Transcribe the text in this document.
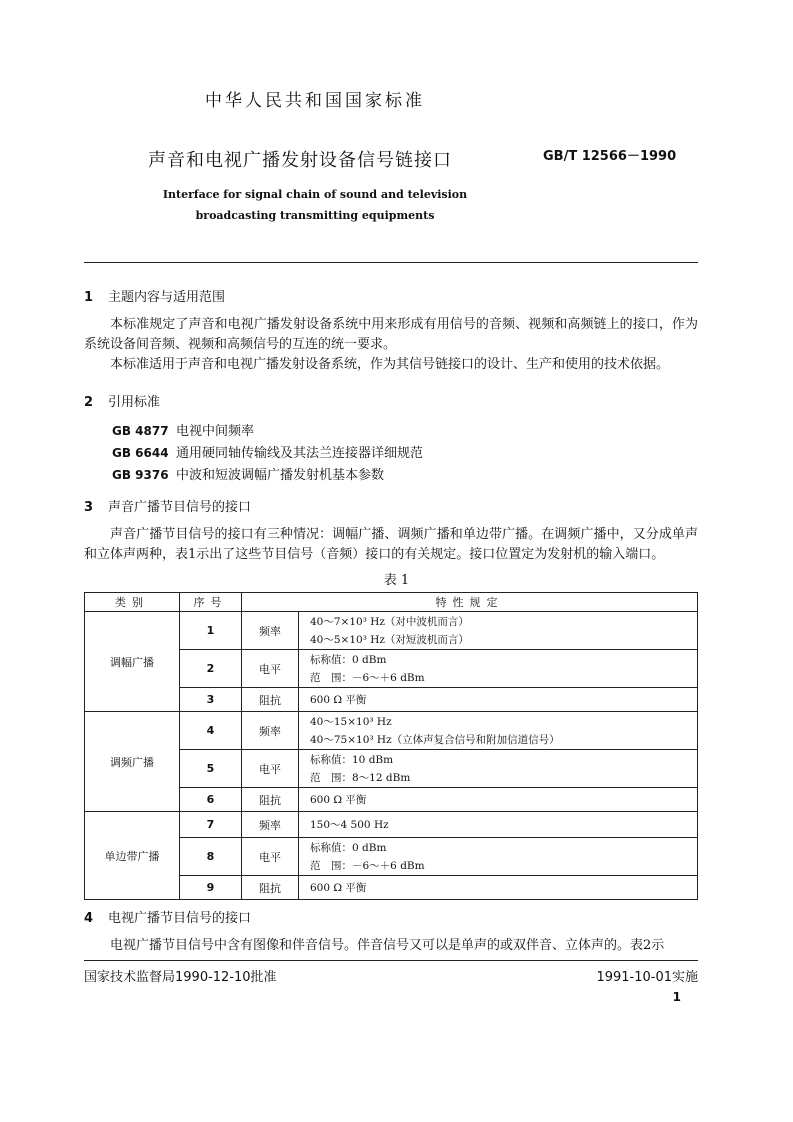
中华人民共和国国家标准
声音和电视广播发射设备信号链接口	GB/T 12566－1990
Interface for signal chain of sound and television
broadcasting transmitting equipments
1 主题内容与适用范围

本标准规定了声音和电视广播发射设备系统中用来形成有用信号的音频、视频和高频链上的接口，作为系统设备间音频、视频和高频信号的互连的统一要求。

本标准适用于声音和电视广播发射设备系统，作为其信号链接口的设计、生产和使用的技术依据。

2 引用标准
GB 4877 电视中间频率
GB 6644 通用硬同轴传输线及其法兰连接器详细规范
GB 9376 中波和短波调幅广播发射机基本参数
3 声音广播节目信号的接口

声音广播节目信号的接口有三种情况：调幅广播、调频广播和单边带广播。在调频广播中，又分成单声和立体声两种，表1示出了这些节目信号（音频）接口的有关规定。接口位置定为发射机的输入端口。

表 1
类别	序号	特性规定	
调幅广播	1	频率	40～7×10³ Hz（对中波机而言）
40～5×10³ Hz（对短波机而言）

	2	电平	标称值：0 dBm
范　围：－6～＋6 dBm

	3	阻抗	600 Ω 平衡

调频广播	4	频率	40～15×10³ Hz
40～75×10³ Hz（立体声复合信号和附加信道信号）

	5	电平	标称值：10 dBm
范　围：8～12 dBm

	6	阻抗	600 Ω 平衡

单边带广播	7	频率	150～4 500 Hz

	8	电平	标称值：0 dBm
范　围：－6～＋6 dBm

	9	阻抗	600 Ω 平衡
4 电视广播节目信号的接口

电视广播节目信号中含有图像和伴音信号。伴音信号又可以是单声的或双伴音、立体声的。表2示

国家技术监督局1990-12-10批准	1991-10-01实施
1
